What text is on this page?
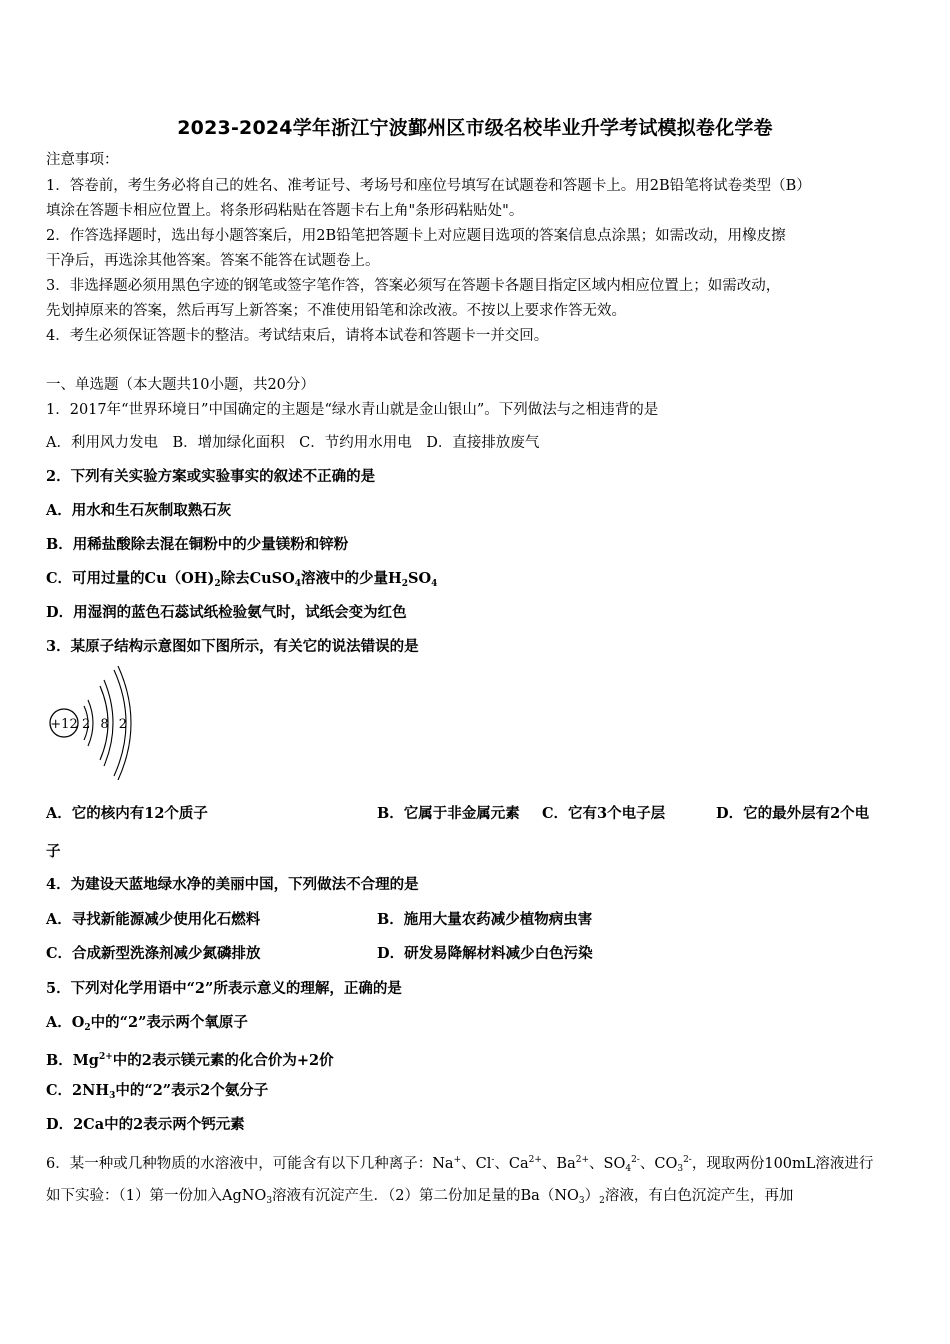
2023-2024学年浙江宁波鄞州区市级名校毕业升学考试模拟卷化学卷
注意事项：
1．答卷前，考生务必将自己的姓名、准考证号、考场号和座位号填写在试题卷和答题卡上。用2B铅笔将试卷类型（B）
填涂在答题卡相应位置上。将条形码粘贴在答题卡右上角"条形码粘贴处"。
2．作答选择题时，选出每小题答案后，用2B铅笔把答题卡上对应题目选项的答案信息点涂黑；如需改动，用橡皮擦
干净后，再选涂其他答案。答案不能答在试题卷上。
3．非选择题必须用黑色字迹的钢笔或签字笔作答，答案必须写在答题卡各题目指定区域内相应位置上；如需改动，
先划掉原来的答案，然后再写上新答案；不准使用铅笔和涂改液。不按以上要求作答无效。
4．考生必须保证答题卡的整洁。考试结束后，请将本试卷和答题卡一并交回。
一、单选题（本大题共10小题，共20分）
1．2017年“世界环境日”中国确定的主题是“绿水青山就是金山银山”。下列做法与之相违背的是
A．利用风力发电　B．增加绿化面积　C．节约用水用电　D．直接排放废气
2．下列有关实验方案或实验事实的叙述不正确的是
A．用水和生石灰制取熟石灰
B．用稀盐酸除去混在铜粉中的少量镁粉和锌粉
C．可用过量的$Cu(OH)_2$除去CuSO$_4$溶液中的少量$H_2SO_4$
D．用湿润的蓝色石蕊试纸检验氨气时，试纸会变为红色
3．某原子结构示意图如下图所示，有关它的说法错误的是
+12 2 8 2
A．它的核内有12个质子	B．它属于非金属元素 C．它有3个电子层	D．它的最外层有2个电
子
4．为建设天蓝地绿水净的美丽中国，下列做法不合理的是
A．寻找新能源减少使用化石燃料	B．施用大量农药减少植物病虫害
C．合成新型洗涤剂减少氮磷排放	D．研发易降解材料减少白色污染
5．下列对化学用语中“2”所表示意义的理解，正确的是
A．$O_2$中的“2”表示两个氧原子
B．$Mg^{2+}$中的2表示镁元素的化合价为+2价
C．$2NH_3$中的“2”表示2个氨分子
D．2Ca中的2表示两个钙元素
6．某一种或几种物质的水溶液中，可能含有以下几种离子：Na+、Cl-、$Ca^{2+}$、$Ba^{2+}$、$SO_4^{2-}$、$CO_3^{2-}$，现取两份100mL溶液进行
如下实验：（1）第一份加入AgNO$_3$溶液有沉淀产生．（2）第二份加足量的$Ba(NO_3)_2$溶液，有白色沉淀产生，再加
